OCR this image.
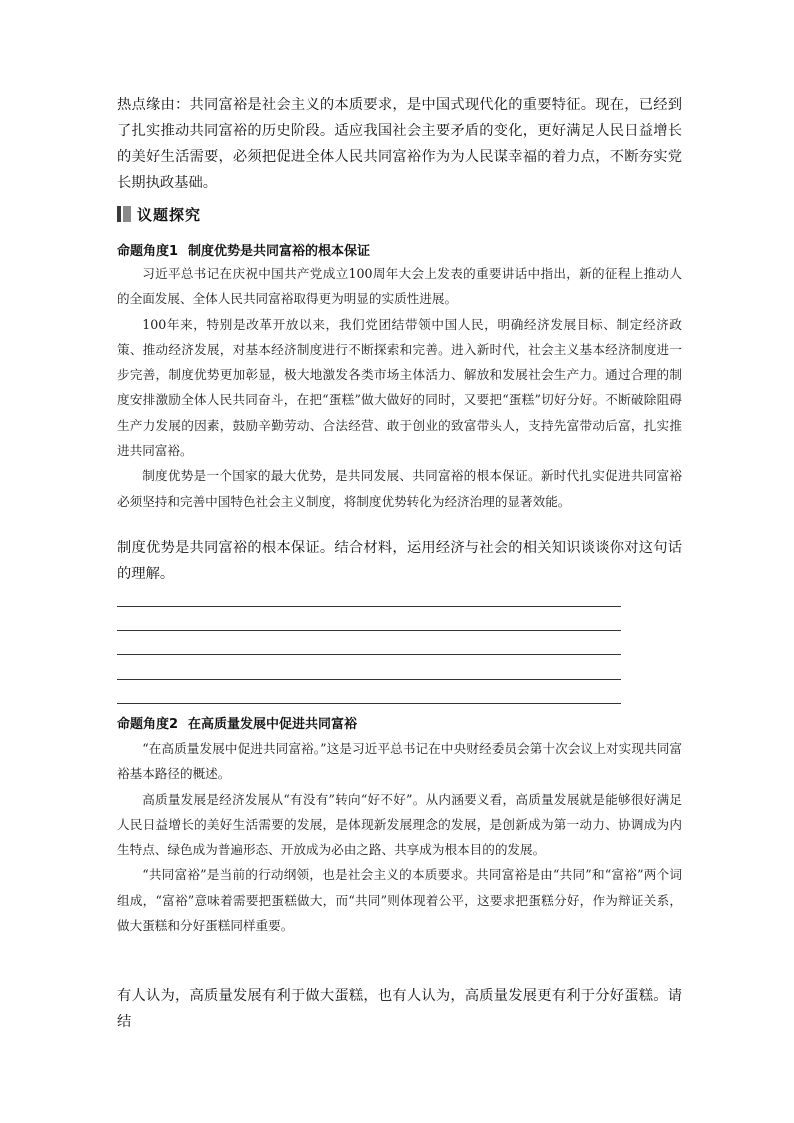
热点缘由：共同富裕是社会主义的本质要求，是中国式现代化的重要特征。现在，已经到了扎实推动共同富裕的历史阶段。适应我国社会主要矛盾的变化，更好满足人民日益增长的美好生活需要，必须把促进全体人民共同富裕作为为人民谋幸福的着力点，不断夯实党长期执政基础。
议题探究
命题角度1 制度优势是共同富裕的根本保证

习近平总书记在庆祝中国共产党成立100周年大会上发表的重要讲话中指出，新的征程上推动人的全面发展、全体人民共同富裕取得更为明显的实质性进展。

100年来，特别是改革开放以来，我们党团结带领中国人民，明确经济发展目标、制定经济政策、推动经济发展，对基本经济制度进行不断探索和完善。进入新时代，社会主义基本经济制度进一步完善，制度优势更加彰显，极大地激发各类市场主体活力、解放和发展社会生产力。通过合理的制度安排激励全体人民共同奋斗，在把“蛋糕”做大做好的同时，又要把“蛋糕”切好分好。不断破除阻碍生产力发展的因素，鼓励辛勤劳动、合法经营、敢于创业的致富带头人，支持先富带动后富，扎实推进共同富裕。

制度优势是一个国家的最大优势，是共同发展、共同富裕的根本保证。新时代扎实促进共同富裕必须坚持和完善中国特色社会主义制度，将制度优势转化为经济治理的显著效能。

制度优势是共同富裕的根本保证。结合材料，运用经济与社会的相关知识谈谈你对这句话的理解。
命题角度2 在高质量发展中促进共同富裕

“在高质量发展中促进共同富裕。”这是习近平总书记在中央财经委员会第十次会议上对实现共同富裕基本路径的概述。

高质量发展是经济发展从“有没有”转向“好不好”。从内涵要义看，高质量发展就是能够很好满足人民日益增长的美好生活需要的发展，是体现新发展理念的发展，是创新成为第一动力、协调成为内生特点、绿色成为普遍形态、开放成为必由之路、共享成为根本目的的发展。

“共同富裕”是当前的行动纲领，也是社会主义的本质要求。共同富裕是由“共同”和“富裕”两个词组成，“富裕”意味着需要把蛋糕做大，而“共同”则体现着公平，这要求把蛋糕分好，作为辩证关系，做大蛋糕和分好蛋糕同样重要。

有人认为，高质量发展有利于做大蛋糕，也有人认为，高质量发展更有利于分好蛋糕。请结
